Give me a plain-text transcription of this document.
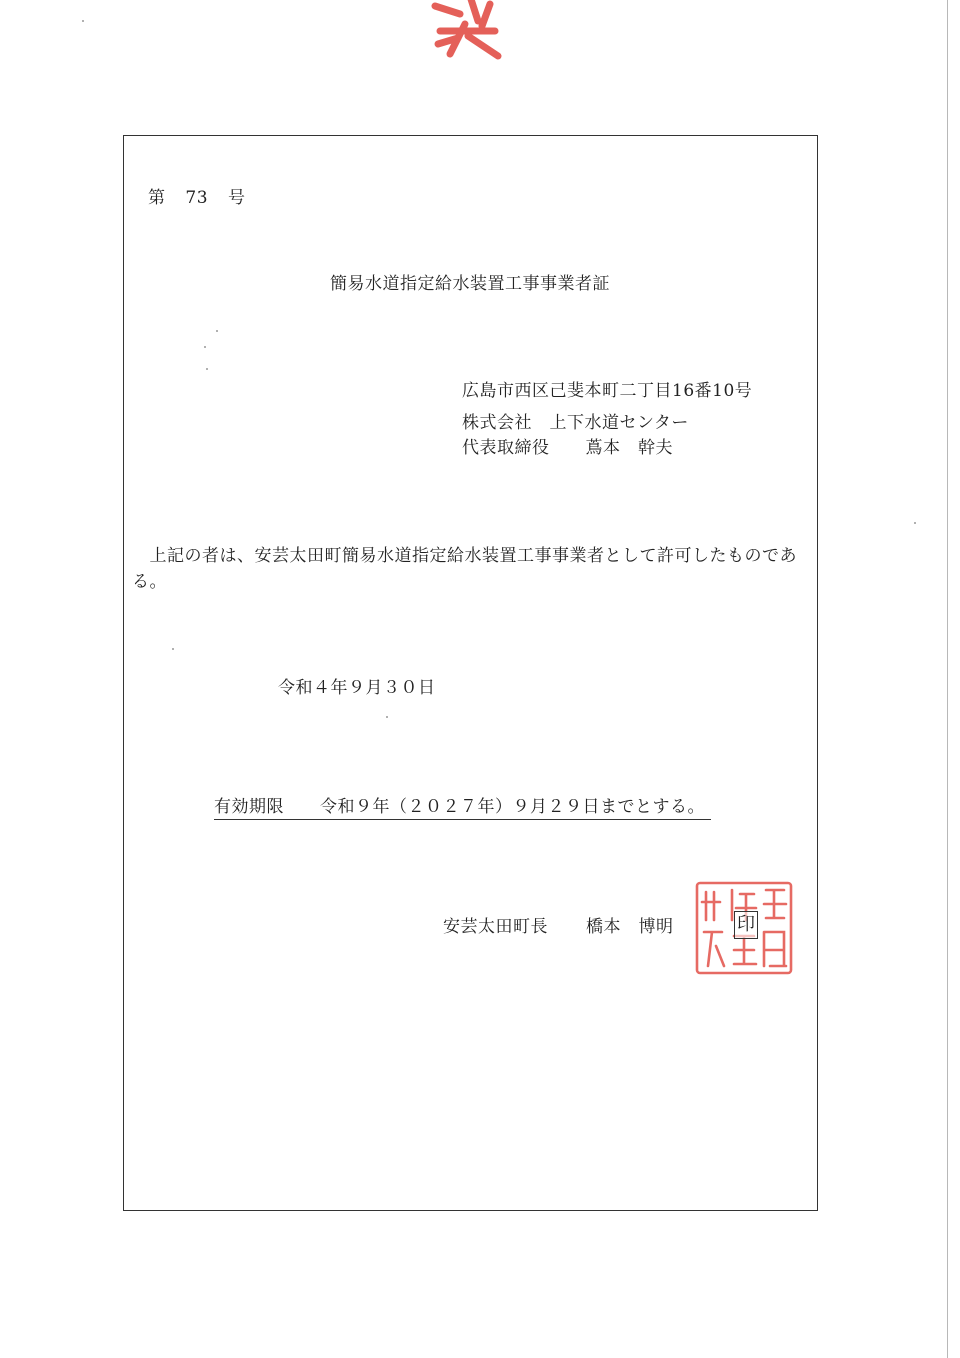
第 73 号
簡易水道指定給水装置工事事業者証
広島市西区己斐本町二丁目16番10号
株式会社　上下水道センター
代表取締役 蔦本　幹夫
　上記の者は、安芸太田町簡易水道指定給水装置工事事業者として許可したものである。
令和４年９月３０日
有効期限 令和９年（２０２７年）９月２９日までとする。
安芸太田町長 橋本　博明	印
